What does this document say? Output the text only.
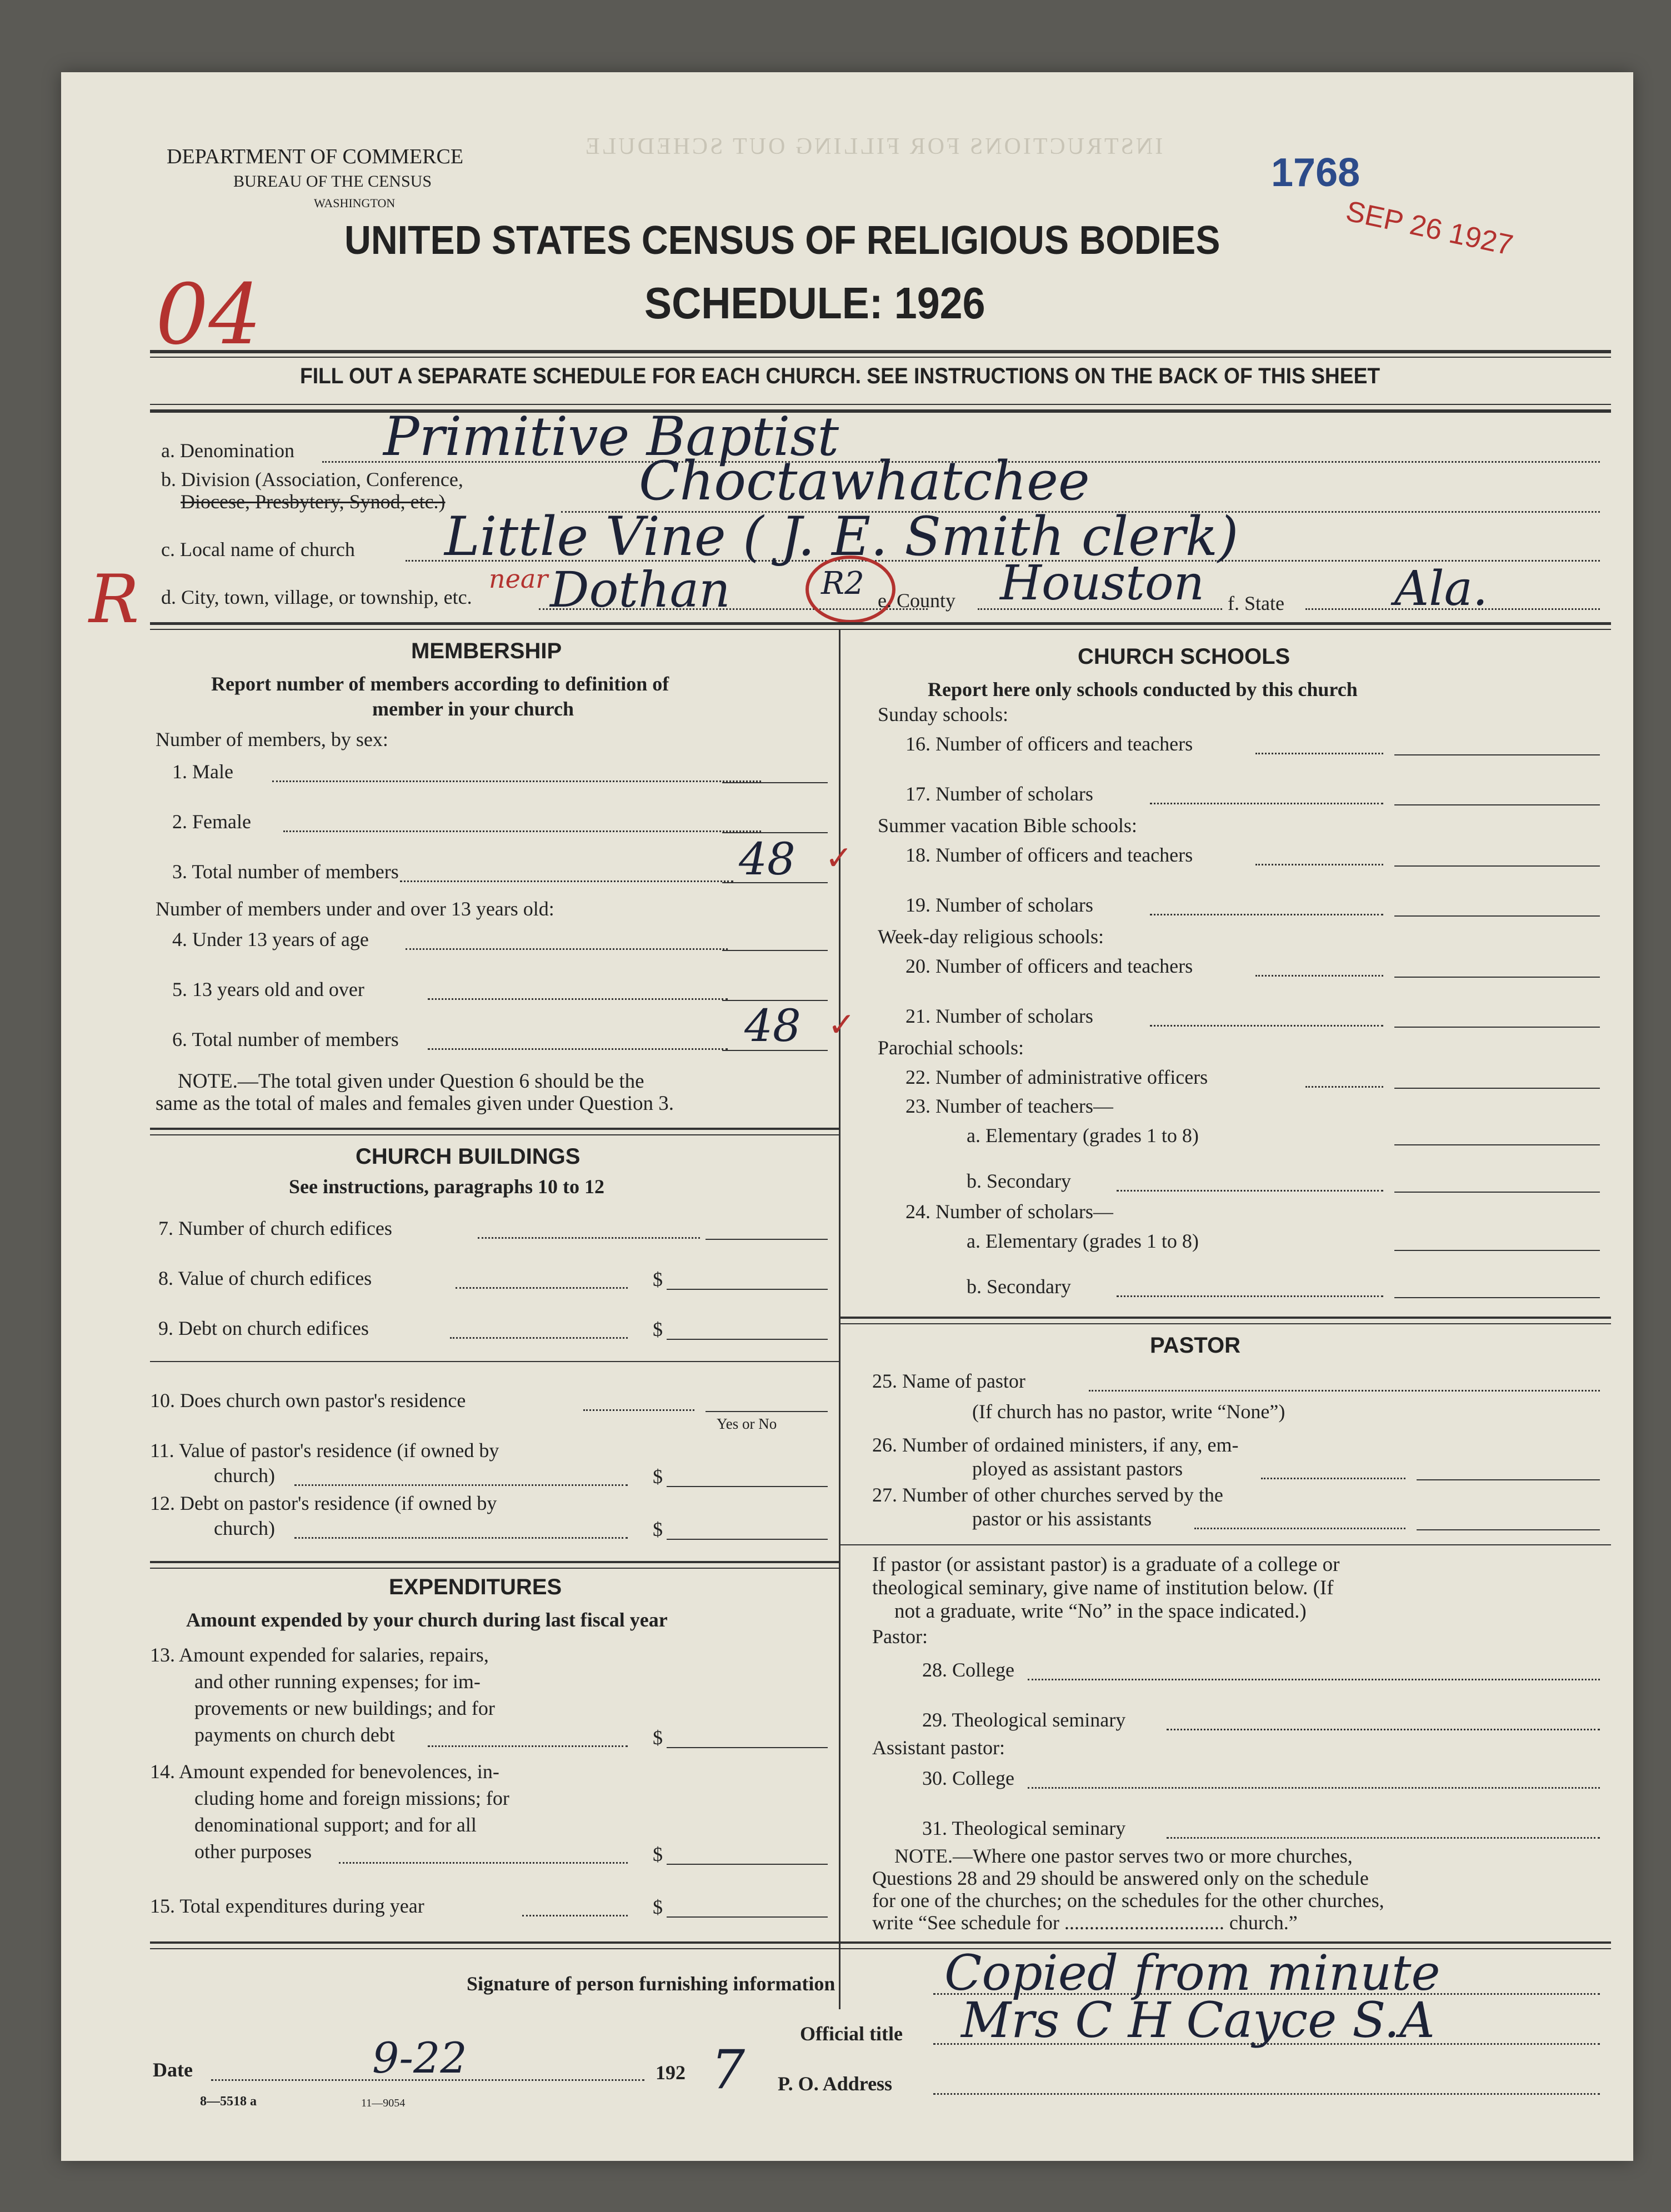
INSTRUCTIONS FOR FILLING OUT SCHEDULE
DEPARTMENT OF COMMERCE
BUREAU OF THE CENSUS
WASHINGTON
1768
SEP 26 1927
UNITED STATES CENSUS OF RELIGIOUS BODIES
SCHEDULE: 1926
04
R
FILL OUT A SEPARATE SCHEDULE FOR EACH CHURCH. SEE INSTRUCTIONS ON THE BACK OF THIS SHEET
a. Denomination Primitive Baptist
b. Division (Association, Conference,
Diocese, Presbytery, Synod, etc.)	Choctawhatchee
c. Local name of church Little Vine ( J. E. Smith clerk)
d. City, town, village, or township, etc.
near Dothan	R2 e. County Houston f. State Ala.
MEMBERSHIP
Report number of members according to definition of
member in your church
Number of members, by sex:
1. Male
2. Female
3. Total number of members	48 ✓
Number of members under and over 13 years old:
4. Under 13 years of age
5. 13 years old and over
6. Total number of members	48 ✓
NOTE.—The total given under Question 6 should be the
same as the total of males and females given under Question 3.
CHURCH BUILDINGS
See instructions, paragraphs 10 to 12
7. Number of church edifices
8. Value of church edifices	$
9. Debt on church edifices	$
10. Does church own pastor's residence
Yes or No
11. Value of pastor's residence (if owned by
church)	$
12. Debt on pastor's residence (if owned by
church)	$
EXPENDITURES
Amount expended by your church during last fiscal year
13. Amount expended for salaries, repairs,
and other running expenses; for im-
provements or new buildings; and for
payments on church debt	$
14. Amount expended for benevolences, in-
cluding home and foreign missions; for
denominational support; and for all
other purposes	$
15. Total expenditures during year	$
CHURCH SCHOOLS
Report here only schools conducted by this church
Sunday schools:
16. Number of officers and teachers
17. Number of scholars
Summer vacation Bible schools:
18. Number of officers and teachers
19. Number of scholars
Week-day religious schools:
20. Number of officers and teachers
21. Number of scholars
Parochial schools:
22. Number of administrative officers
23. Number of teachers—
a. Elementary (grades 1 to 8)
b. Secondary
24. Number of scholars—
a. Elementary (grades 1 to 8)
b. Secondary
PASTOR
25. Name of pastor
(If church has no pastor, write “None”)
26. Number of ordained ministers, if any, em-
ployed as assistant pastors
27. Number of other churches served by the
pastor or his assistants
If pastor (or assistant pastor) is a graduate of a college or
theological seminary, give name of institution below. (If
not a graduate, write “No” in the space indicated.)
Pastor:
28. College
29. Theological seminary
Assistant pastor:
30. College
31. Theological seminary
NOTE.—Where one pastor serves two or more churches,
Questions 28 and 29 should be answered only on the schedule
for one of the churches; on the schedules for the other churches,
write “See schedule for ................................ church.”
Signature of person furnishing information Copied from minute
Official title Mrs C H Cayce S.A
Date	9-22	192 7 P. O. Address
8—5518 a	11—9054
